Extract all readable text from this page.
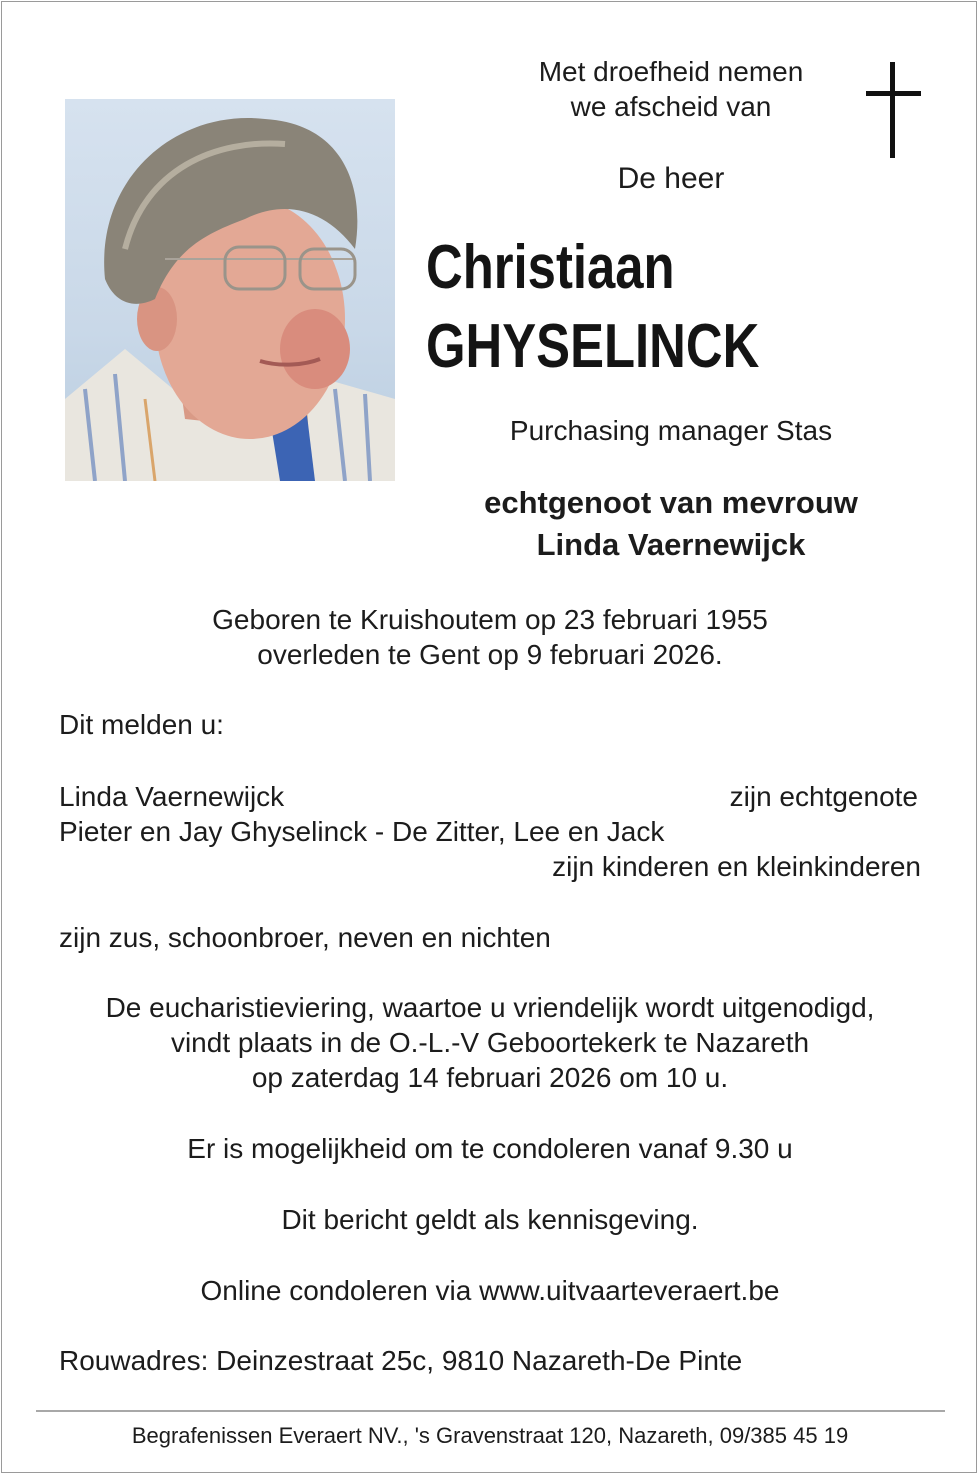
Met droefheid nemen
we afscheid van
De heer
Christiaan
GHYSELINCK
Purchasing manager Stas
echtgenoot van mevrouw
Linda Vaernewijck
Geboren te Kruishoutem op 23 februari 1955
overleden te Gent op 9 februari 2026.
Dit melden u:
Linda Vaernewijck	zijn echtgenote
Pieter en Jay Ghyselinck - De Zitter, Lee en Jack
zijn kinderen en kleinkinderen
zijn zus, schoonbroer, neven en nichten
De eucharistieviering, waartoe u vriendelijk wordt uitgenodigd,
vindt plaats in de O.-L.-V Geboortekerk te Nazareth
op zaterdag 14 februari 2026 om 10 u.
Er is mogelijkheid om te condoleren vanaf 9.30 u
Dit bericht geldt als kennisgeving.
Online condoleren via www.uitvaarteveraert.be
Rouwadres: Deinzestraat 25c, 9810 Nazareth-De Pinte
Begrafenissen Everaert NV., 's Gravenstraat 120, Nazareth, 09/385 45 19
